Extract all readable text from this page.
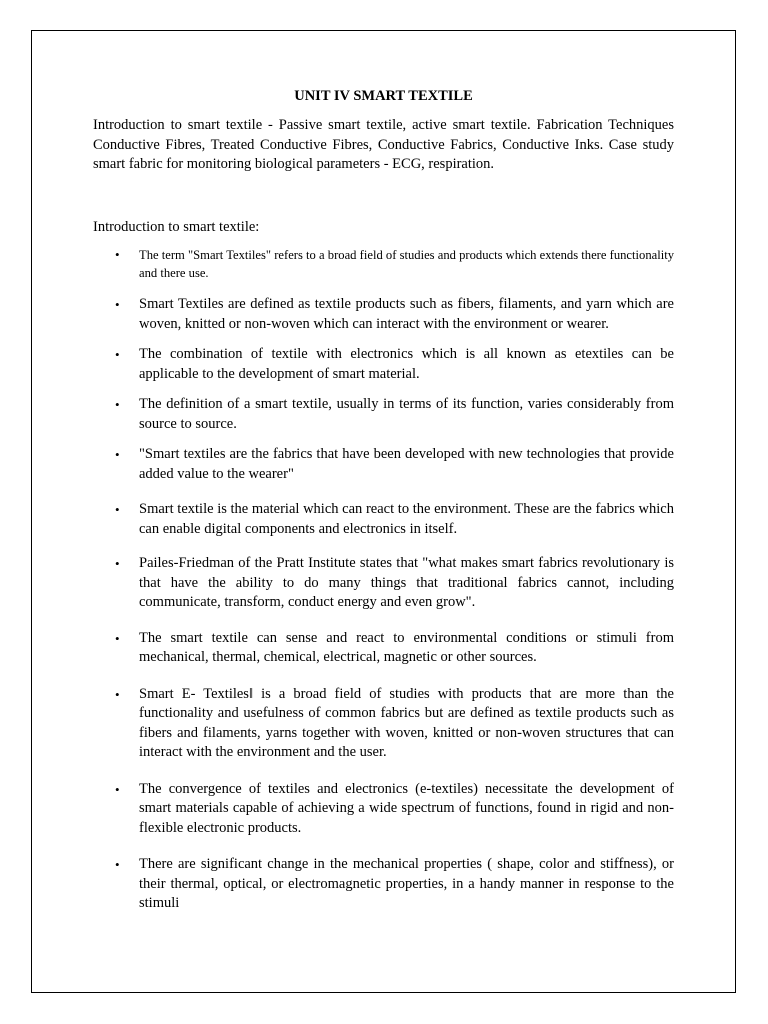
UNIT IV SMART TEXTILE

Introduction to smart textile - Passive smart textile, active smart textile. Fabrication Techniques Conductive Fibres, Treated Conductive Fibres, Conductive Fabrics, Conductive Inks. Case study smart fabric for monitoring biological parameters - ECG, respiration.

Introduction to smart textile:

• The term "Smart Textiles" refers to a broad field of studies and products which extends there functionality and there use.
• Smart Textiles are defined as textile products such as fibers, filaments, and yarn which are woven, knitted or non-woven which can interact with the environment or wearer.
• The combination of textile with electronics which is all known as etextiles can be applicable to the development of smart material.
• The definition of a smart textile, usually in terms of its function, varies considerably from source to source.
• "Smart textiles are the fabrics that have been developed with new technologies that provide added value to the wearer"
• Smart textile is the material which can react to the environment. These are the fabrics which can enable digital components and electronics in itself.
• Pailes-Friedman of the Pratt Institute states that "what makes smart fabrics revolutionary is that have the ability to do many things that traditional fabrics cannot, including communicate, transform, conduct energy and even grow".
• The smart textile can sense and react to environmental conditions or stimuli from mechanical, thermal, chemical, electrical, magnetic or other sources.
• Smart E- Textiles‖ is a broad field of studies with products that are more than the functionality and usefulness of common fabrics but are defined as textile products such as fibers and filaments, yarns together with woven, knitted or non-woven structures that can interact with the environment and the user.
• The convergence of textiles and electronics (e-textiles) necessitate the development of smart materials capable of achieving a wide spectrum of functions, found in rigid and non-flexible electronic products.
• There are significant change in the mechanical properties ( shape, color and stiffness), or their thermal, optical, or electromagnetic properties, in a handy manner in response to the stimuli
